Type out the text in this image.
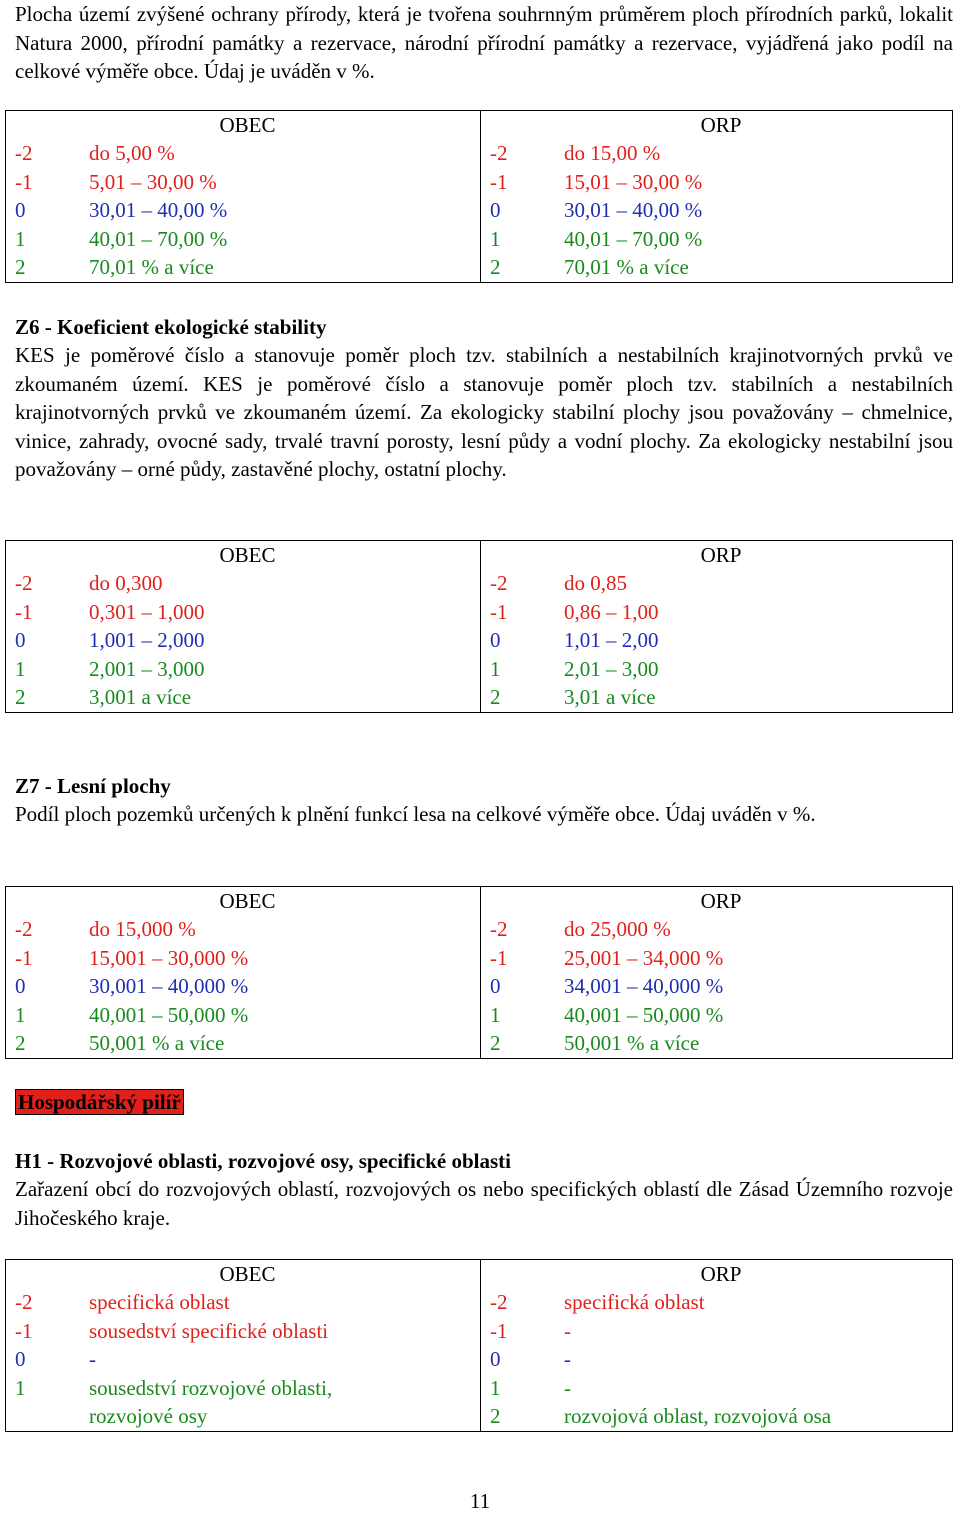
Plocha území zvýšené ochrany přírody, která je tvořena souhrnným průměrem ploch přírodních parků, lokalit Natura 2000, přírodní památky a rezervace, národní přírodní památky a rezervace, vyjádřená jako podíl na celkové výměře obce. Údaj je uváděn v %.

OBEC
-2	do 5,00 %
-1	5,01 – 30,00 %
0	30,01 – 40,00 %
1	40,01 – 70,00 %
2	70,01 % a více

ORP
-2	do 15,00 %
-1	15,01 – 30,00 %
0	30,01 – 40,00 %
1	40,01 – 70,00 %
2	70,01 % a více
Z6 - Koeficient ekologické stability

KES je poměrové číslo a stanovuje poměr ploch tzv. stabilních a nestabilních krajinotvorných prvků ve zkoumaném území. KES je poměrové číslo a stanovuje poměr ploch tzv. stabilních a nestabilních krajinotvorných prvků ve zkoumaném území. Za ekologicky stabilní plochy jsou považovány – chmelnice, vinice, zahrady, ovocné sady, trvalé travní porosty, lesní půdy a vodní plochy. Za ekologicky nestabilní jsou považovány – orné půdy, zastavěné plochy, ostatní plochy.

OBEC
-2	do 0,300
-1	0,301 – 1,000
0	1,001 – 2,000
1	2,001 – 3,000
2	3,001 a více

ORP
-2	do 0,85
-1	0,86 – 1,00
0	1,01 – 2,00
1	2,01 – 3,00
2	3,01 a více
Z7 - Lesní plochy

Podíl ploch pozemků určených k plnění funkcí lesa na celkové výměře obce. Údaj uváděn v %.

OBEC
-2	do 15,000 %
-1	15,001 – 30,000 %
0	30,001 – 40,000 %
1	40,001 – 50,000 %
2	50,001 % a více

ORP
-2	do 25,000 %
-1	25,001 – 34,000 %
0	34,001 – 40,000 %
1	40,001 – 50,000 %
2	50,001 % a více
Hospodářský pilíř
H1 - Rozvojové oblasti, rozvojové osy, specifické oblasti

Zařazení obcí do rozvojových oblastí, rozvojových os nebo specifických oblastí dle Zásad Územního rozvoje Jihočeského kraje.

OBEC
-2	specifická oblast
-1	sousedství specifické oblasti
0	-
1	sousedství rozvojové oblasti,
rozvojové osy

ORP
-2	specifická oblast
-1	-
0	-
1	-
2	rozvojová oblast, rozvojová osa
11
